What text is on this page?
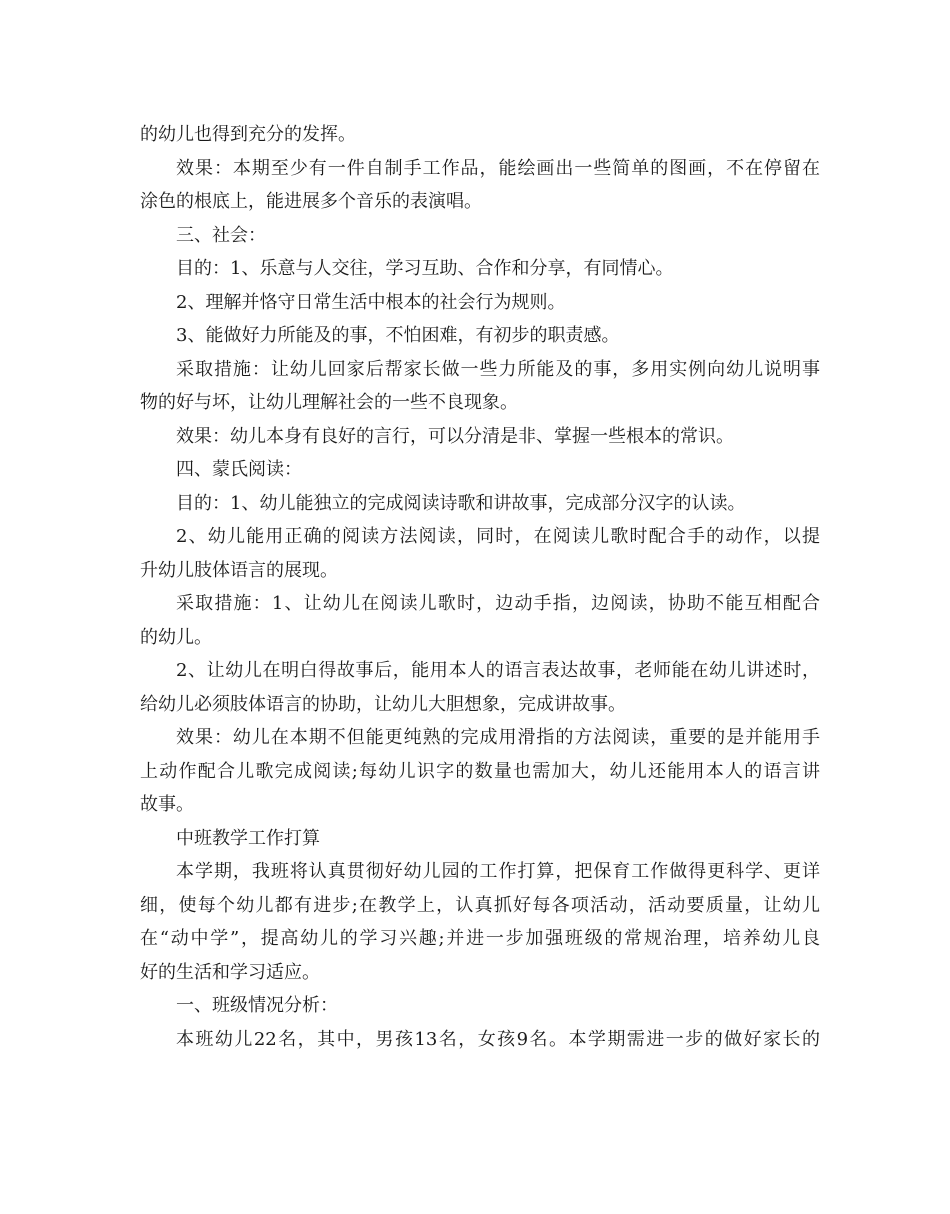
的幼儿也得到充分的发挥。
效果：本期至少有一件自制手工作品，能绘画出一些简单的图画，不在停留在
涂色的根底上，能进展多个音乐的表演唱。
三、社会：
目的：1、乐意与人交往，学习互助、合作和分享，有同情心。
2、理解并恪守日常生活中根本的社会行为规则。
3、能做好力所能及的事，不怕困难，有初步的职责感。
采取措施：让幼儿回家后帮家长做一些力所能及的事，多用实例向幼儿说明事
物的好与坏，让幼儿理解社会的一些不良现象。
效果：幼儿本身有良好的言行，可以分清是非、掌握一些根本的常识。
四、蒙氏阅读：
目的：1、幼儿能独立的完成阅读诗歌和讲故事，完成部分汉字的认读。
2、幼儿能用正确的阅读方法阅读，同时，在阅读儿歌时配合手的动作，以提
升幼儿肢体语言的展现。
采取措施：1、让幼儿在阅读儿歌时，边动手指，边阅读，协助不能互相配合
的幼儿。
2、让幼儿在明白得故事后，能用本人的语言表达故事，老师能在幼儿讲述时，
给幼儿必须肢体语言的协助，让幼儿大胆想象，完成讲故事。
效果：幼儿在本期不但能更纯熟的完成用滑指的方法阅读，重要的是并能用手
上动作配合儿歌完成阅读;每幼儿识字的数量也需加大，幼儿还能用本人的语言讲
故事。
中班教学工作打算
本学期，我班将认真贯彻好幼儿园的工作打算，把保育工作做得更科学、更详
细，使每个幼儿都有进步;在教学上，认真抓好每各项活动，活动要质量，让幼儿
在“动中学”，提高幼儿的学习兴趣;并进一步加强班级的常规治理，培养幼儿良
好的生活和学习适应。
一、班级情况分析：
本班幼儿22名，其中，男孩13名，女孩9名。本学期需进一步的做好家长的
